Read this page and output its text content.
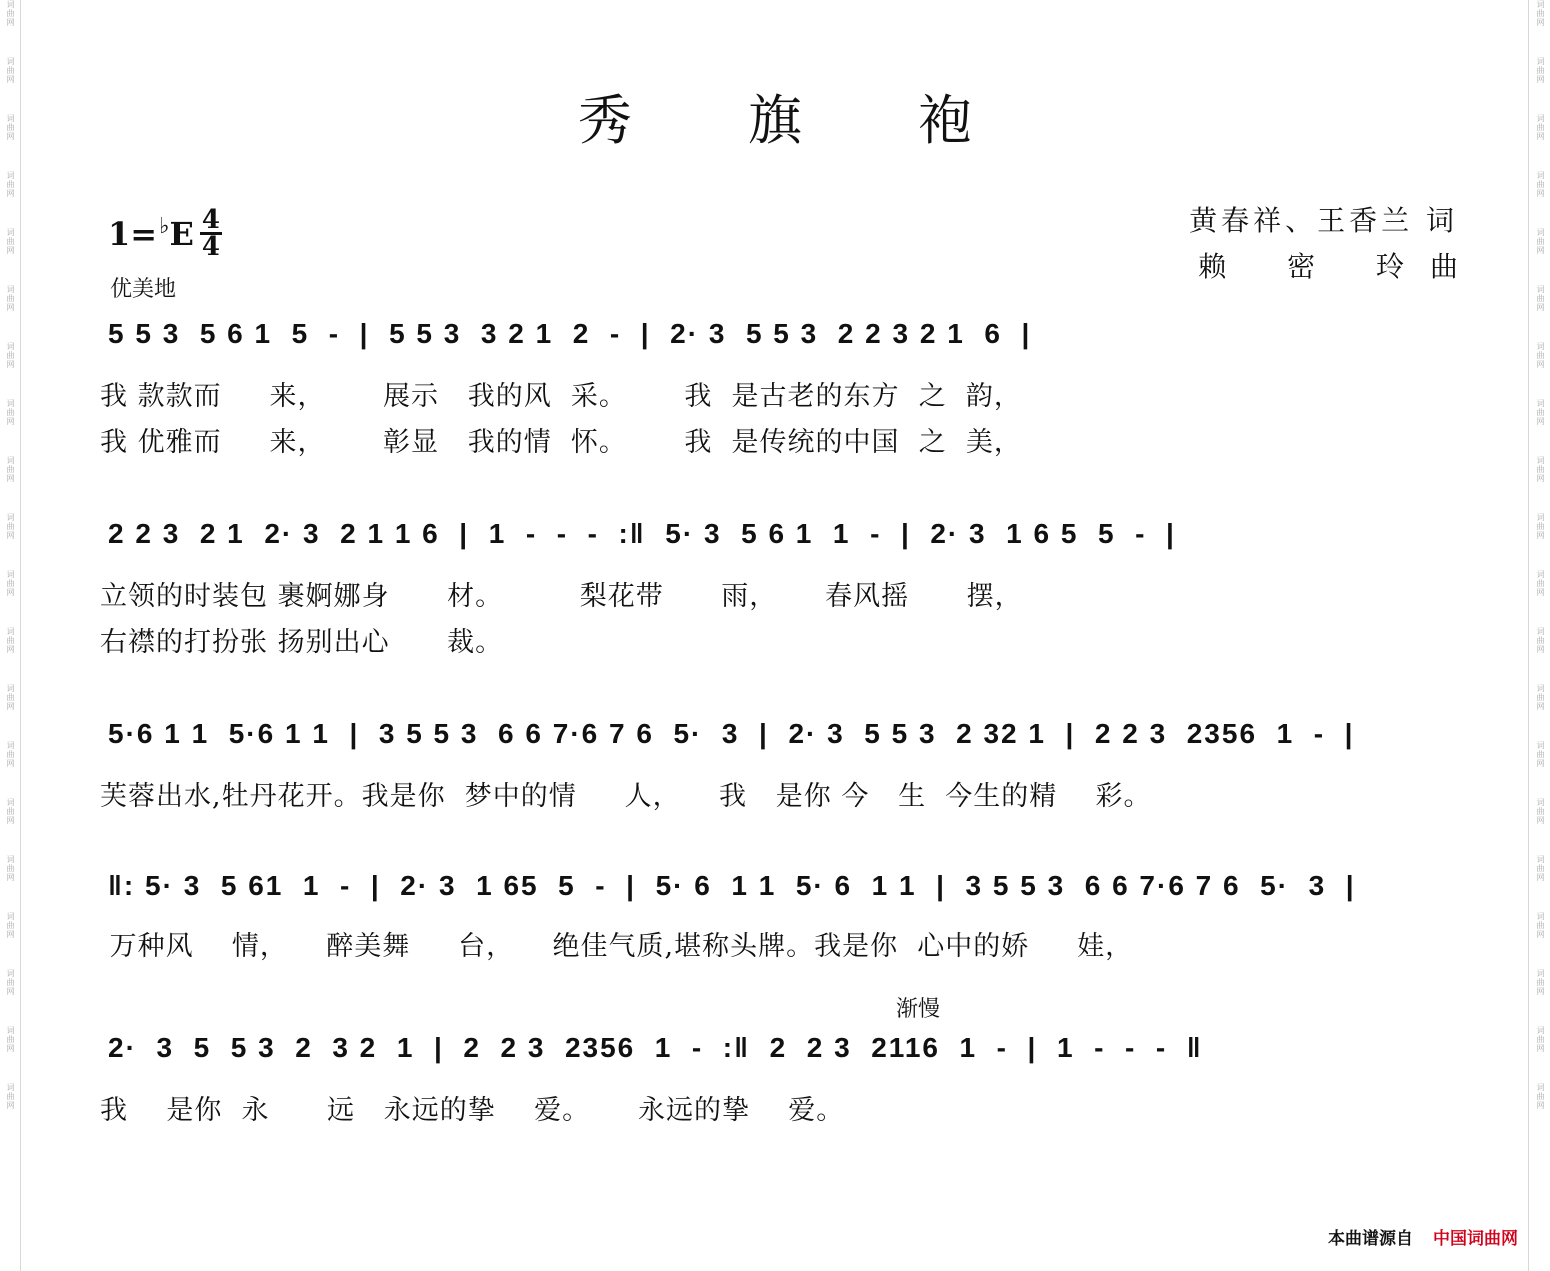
词曲网
词曲网
词曲网
词曲网
词曲网
词曲网
词曲网
词曲网
词曲网
词曲网
词曲网
词曲网
词曲网
词曲网
词曲网
词曲网
词曲网
词曲网
词曲网
词曲网
词曲网
词曲网
词曲网
词曲网
词曲网
词曲网
词曲网
词曲网
词曲网
词曲网
词曲网
词曲网
词曲网
词曲网
词曲网
词曲网
词曲网
词曲网
词曲网
词曲网
秀 旗 袍
1= ♭ E $\frac{4}{4}$
优美地
黄春祥、王香兰 词
赖 密 玲曲
5 5 3  5 6 1  5  -  |  5 5 3  3 2 1  2  -  |  2· 3  5 5 3  2 2 3 2 1  6  |
我 款款而     来，      展示   我的风  采。      我  是古老的东方  之  韵，
我 优雅而     来，      彰显   我的情  怀。      我  是传统的中国  之  美，
2 2 3  2 1  2· 3  2 1 1 6  |  1  -  -  -  :‖  5· 3  5 6 1  1  -  |  2· 3  1 6 5  5  -  |
立领的时装包 裹婀娜身      材。        梨花带      雨，     春风摇      摆，
右襟的打扮张 扬别出心      裁。
5·6 1 1  5·6 1 1  |  3 5 5 3  6 6 7·6 7 6  5·  3  |  2· 3  5 5 3  2 32 1  |  2 2 3  2356  1  -  |
芙蓉出水,牡丹花开。我是你  梦中的情     人，    我   是你 今   生  今生的精    彩。
‖: 5· 3  5 61  1  -  |  2· 3  1 65  5  -  |  5· 6  1 1  5· 6  1 1  |  3 5 5 3  6 6 7·6 7 6  5·  3  |
万种风    情，    醉美舞     台，    绝佳气质,堪称头牌。我是你  心中的娇     娃，
渐慢
2·  3  5  5 3  2  3 2  1  |  2  2 3  2356  1  -  :‖  2  2 3  2116  1  -  |  1  -  -  -  ‖
我    是你  永      远   永远的挚    爱。     永远的挚    爱。
本曲谱源自 中国词曲网
